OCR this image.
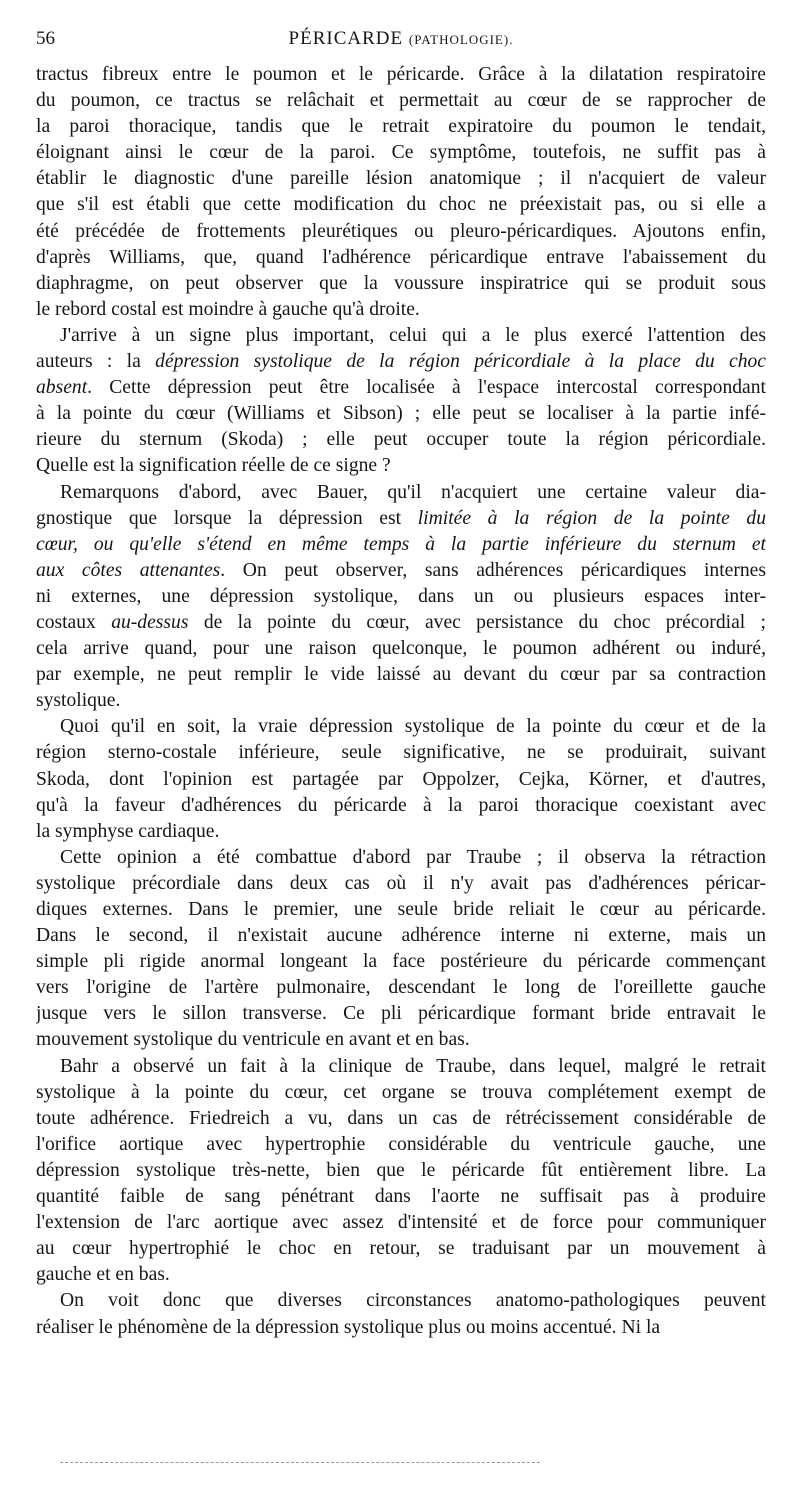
56	PÉRICARDE (PATHOLOGIE).
tractus fibreux entre le poumon et le péricarde. Grâce à la dilatation respiratoire
du poumon, ce tractus se relâchait et permettait au cœur de se rapprocher de
la paroi thoracique, tandis que le retrait expiratoire du poumon le tendait,
éloignant ainsi le cœur de la paroi. Ce symptôme, toutefois, ne suffit pas à
établir le diagnostic d'une pareille lésion anatomique ; il n'acquiert de valeur
que s'il est établi que cette modification du choc ne préexistait pas, ou si elle a
été précédée de frottements pleurétiques ou pleuro-péricardiques. Ajoutons enfin,
d'après Williams, que, quand l'adhérence péricardique entrave l'abaissement du
diaphragme, on peut observer que la voussure inspiratrice qui se produit sous
le rebord costal est moindre à gauche qu'à droite.
J'arrive à un signe plus important, celui qui a le plus exercé l'attention des
auteurs : la dépression systolique de la région péricordiale à la place du choc
absent. Cette dépression peut être localisée à l'espace intercostal correspondant
à la pointe du cœur (Williams et Sibson) ; elle peut se localiser à la partie infé-
rieure du sternum (Skoda) ; elle peut occuper toute la région péricordiale.
Quelle est la signification réelle de ce signe ?
Remarquons d'abord, avec Bauer, qu'il n'acquiert une certaine valeur dia-
gnostique que lorsque la dépression est limitée à la région de la pointe du
cœur, ou qu'elle s'étend en même temps à la partie inférieure du sternum et
aux côtes attenantes. On peut observer, sans adhérences péricardiques internes
ni externes, une dépression systolique, dans un ou plusieurs espaces inter-
costaux au-dessus de la pointe du cœur, avec persistance du choc précordial ;
cela arrive quand, pour une raison quelconque, le poumon adhérent ou induré,
par exemple, ne peut remplir le vide laissé au devant du cœur par sa contraction
systolique.
Quoi qu'il en soit, la vraie dépression systolique de la pointe du cœur et de la
région sterno-costale inférieure, seule significative, ne se produirait, suivant
Skoda, dont l'opinion est partagée par Oppolzer, Cejka, Körner, et d'autres,
qu'à la faveur d'adhérences du péricarde à la paroi thoracique coexistant avec
la symphyse cardiaque.
Cette opinion a été combattue d'abord par Traube ; il observa la rétraction
systolique précordiale dans deux cas où il n'y avait pas d'adhérences péricar-
diques externes. Dans le premier, une seule bride reliait le cœur au péricarde.
Dans le second, il n'existait aucune adhérence interne ni externe, mais un
simple pli rigide anormal longeant la face postérieure du péricarde commençant
vers l'origine de l'artère pulmonaire, descendant le long de l'oreillette gauche
jusque vers le sillon transverse. Ce pli péricardique formant bride entravait le
mouvement systolique du ventricule en avant et en bas.
Bahr a observé un fait à la clinique de Traube, dans lequel, malgré le retrait
systolique à la pointe du cœur, cet organe se trouva complétement exempt de
toute adhérence. Friedreich a vu, dans un cas de rétrécissement considérable de
l'orifice aortique avec hypertrophie considérable du ventricule gauche, une
dépression systolique très-nette, bien que le péricarde fût entièrement libre. La
quantité faible de sang pénétrant dans l'aorte ne suffisait pas à produire
l'extension de l'arc aortique avec assez d'intensité et de force pour communiquer
au cœur hypertrophié le choc en retour, se traduisant par un mouvement à
gauche et en bas.
On voit donc que diverses circonstances anatomo-pathologiques peuvent
réaliser le phénomène de la dépression systolique plus ou moins accentué. Ni la
